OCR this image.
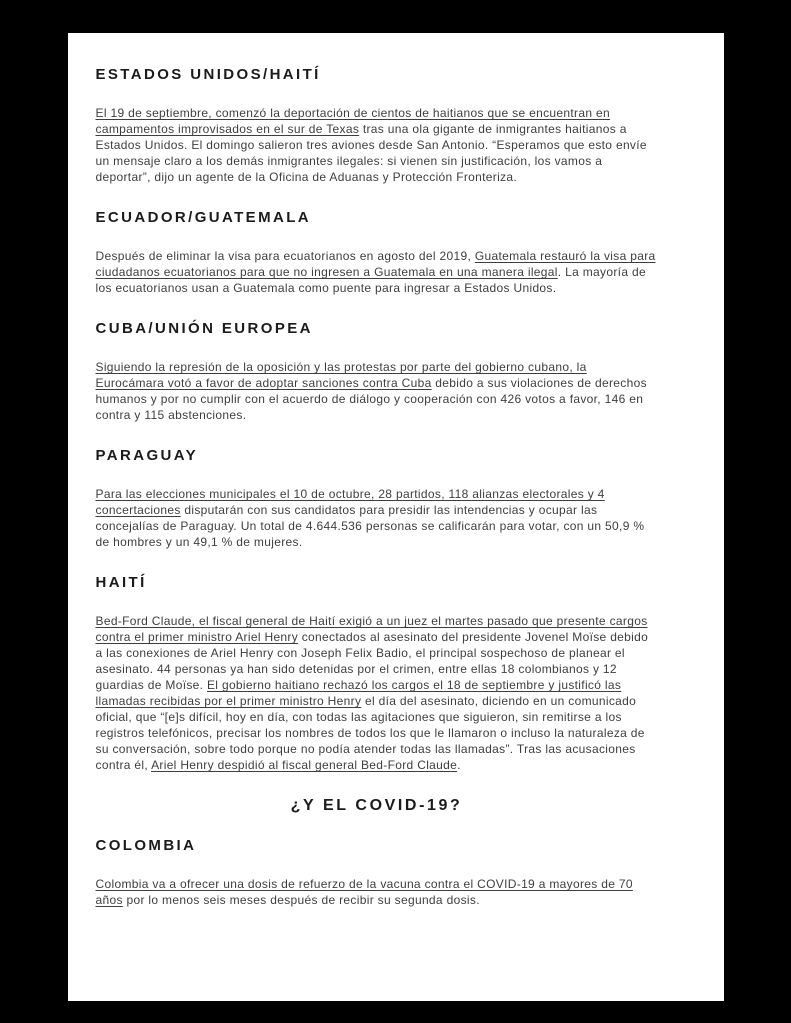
ESTADOS UNIDOS/HAITÍ

El 19 de septiembre, comenzó la deportación de cientos de haitianos que se encuentran en campamentos improvisados en el sur de Texas tras una ola gigante de inmigrantes haitianos a Estados Unidos. El domingo salieron tres aviones desde San Antonio. “Esperamos que esto envíe un mensaje claro a los demás inmigrantes ilegales: si vienen sin justificación, los vamos a deportar”, dijo un agente de la Oficina de Aduanas y Protección Fronteriza.

ECUADOR/GUATEMALA

Después de eliminar la visa para ecuatorianos en agosto del 2019, Guatemala restauró la visa para ciudadanos ecuatorianos para que no ingresen a Guatemala en una manera ilegal. La mayoría de los ecuatorianos usan a Guatemala como puente para ingresar a Estados Unidos.

CUBA/UNIÓN EUROPEA

Siguiendo la represión de la oposición y las protestas por parte del gobierno cubano, la Eurocámara votó a favor de adoptar sanciones contra Cuba debido a sus violaciones de derechos humanos y por no cumplir con el acuerdo de diálogo y cooperación con 426 votos a favor, 146 en contra y 115 abstenciones.

PARAGUAY

Para las elecciones municipales el 10 de octubre, 28 partidos, 118 alianzas electorales y 4 concertaciones disputarán con sus candidatos para presidir las intendencias y ocupar las concejalías de Paraguay. Un total de 4.644.536 personas se calificarán para votar, con un 50,9 % de hombres y un 49,1 % de mujeres.

HAITÍ

Bed-Ford Claude, el fiscal general de Haití exigió a un juez el martes pasado que presente cargos contra el primer ministro Ariel Henry conectados al asesinato del presidente Jovenel Moïse debido a las conexiones de Ariel Henry con Joseph Felix Badio, el principal sospechoso de planear el asesinato. 44 personas ya han sido detenidas por el crimen, entre ellas 18 colombianos y 12 guardias de Moïse. El gobierno haitiano rechazó los cargos el 18 de septiembre y justificó las llamadas recibidas por el primer ministro Henry el día del asesinato, diciendo en un comunicado oficial, que “[e]s difícil, hoy en día, con todas las agitaciones que siguieron, sin remitirse a los registros telefónicos, precisar los nombres de todos los que le llamaron o incluso la naturaleza de su conversación, sobre todo porque no podía atender todas las llamadas”. Tras las acusaciones contra él, Ariel Henry despidió al fiscal general Bed-Ford Claude.

¿Y EL COVID-19?
COLOMBIA

Colombia va a ofrecer una dosis de refuerzo de la vacuna contra el COVID-19 a mayores de 70 años por lo menos seis meses después de recibir su segunda dosis.
